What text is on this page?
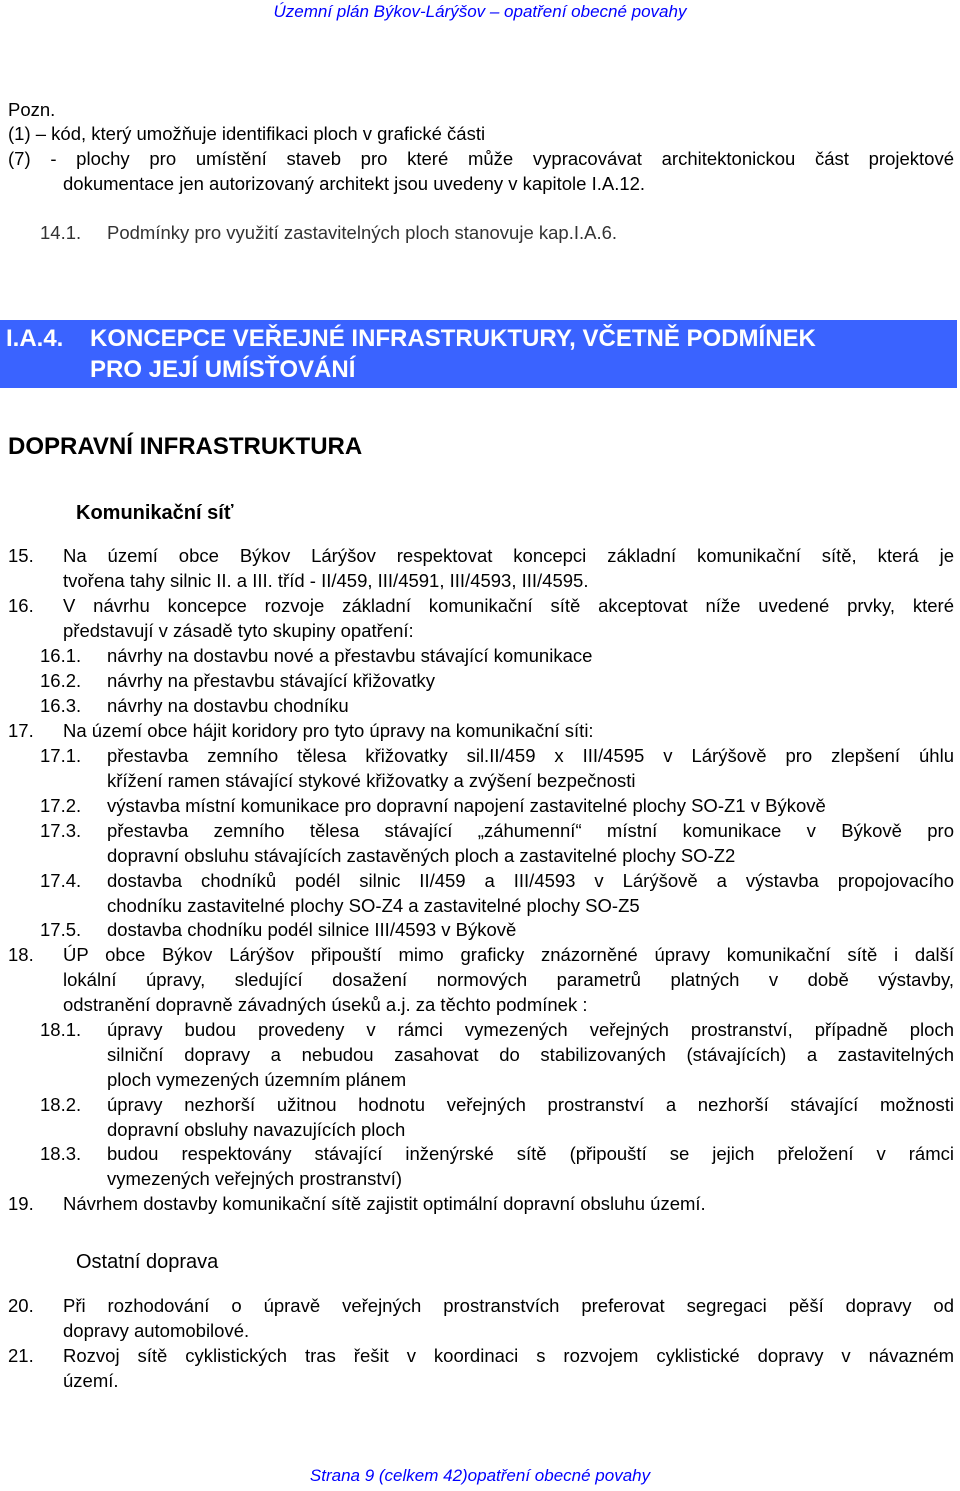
Územní plán Býkov-Lárýšov – opatření obecné povahy
Pozn.
(1) – kód, který umožňuje identifikaci ploch v grafické části
(7) - plochy pro umístění staveb pro které může vypracovávat architektonickou část projektové
dokumentace jen autorizovaný architekt jsou uvedeny v kapitole I.A.12.
14.1. Podmínky pro využití zastavitelných ploch stanovuje kap.I.A.6.
I.A.4. KONCEPCE VEŘEJNÉ INFRASTRUKTURY, VČETNĚ PODMÍNEK
PRO JEJÍ UMÍSŤOVÁNÍ
DOPRAVNÍ INFRASTRUKTURA
Komunikační síť
15. Na území obce Býkov Lárýšov respektovat koncepci základní komunikační sítě, která je
tvořena tahy silnic II. a III. tříd - II/459, III/4591, III/4593, III/4595.
16. V návrhu koncepce rozvoje základní komunikační sítě akceptovat níže uvedené prvky, které
představují v zásadě tyto skupiny opatření:
16.1. návrhy na dostavbu nové a přestavbu stávající komunikace
16.2. návrhy na přestavbu stávající křižovatky
16.3. návrhy na dostavbu chodníku
17. Na území obce hájit koridory pro tyto úpravy na komunikační síti:
17.1. přestavba zemního tělesa křižovatky sil.II/459 x III/4595 v Lárýšově pro zlepšení úhlu
křížení ramen stávající stykové křižovatky a zvýšení bezpečnosti
17.2. výstavba místní komunikace pro dopravní napojení zastavitelné plochy SO-Z1 v Býkově
17.3. přestavba zemního tělesa stávající „záhumenní“ místní komunikace v Býkově pro
dopravní obsluhu stávajících zastavěných ploch a zastavitelné plochy SO-Z2
17.4. dostavba chodníků podél silnic II/459 a III/4593 v Lárýšově a výstavba propojovacího
chodníku zastavitelné plochy SO-Z4 a zastavitelné plochy SO-Z5
17.5. dostavba chodníku podél silnice III/4593 v Býkově
18. ÚP obce Býkov Lárýšov připouští mimo graficky znázorněné úpravy komunikační sítě i další
lokální úpravy, sledující dosažení normových parametrů platných v době výstavby,
odstranění dopravně závadných úseků a.j. za těchto podmínek :
18.1. úpravy budou provedeny v rámci vymezených veřejných prostranství, případně ploch
silniční dopravy a nebudou zasahovat do stabilizovaných (stávajících) a zastavitelných
ploch vymezených územním plánem
18.2. úpravy nezhorší užitnou hodnotu veřejných prostranství a nezhorší stávající možnosti
dopravní obsluhy navazujících ploch
18.3. budou respektovány stávající inženýrské sítě (připouští se jejich přeložení v rámci
vymezených veřejných prostranství)
19. Návrhem dostavby komunikační sítě zajistit optimální dopravní obsluhu území.
Ostatní doprava
20. Při rozhodování o úpravě veřejných prostranstvích preferovat segregaci pěší dopravy od
dopravy automobilové.
21. Rozvoj sítě cyklistických tras řešit v koordinaci s rozvojem cyklistické dopravy v návazném
území.
Strana 9 (celkem 42)opatření obecné povahy
